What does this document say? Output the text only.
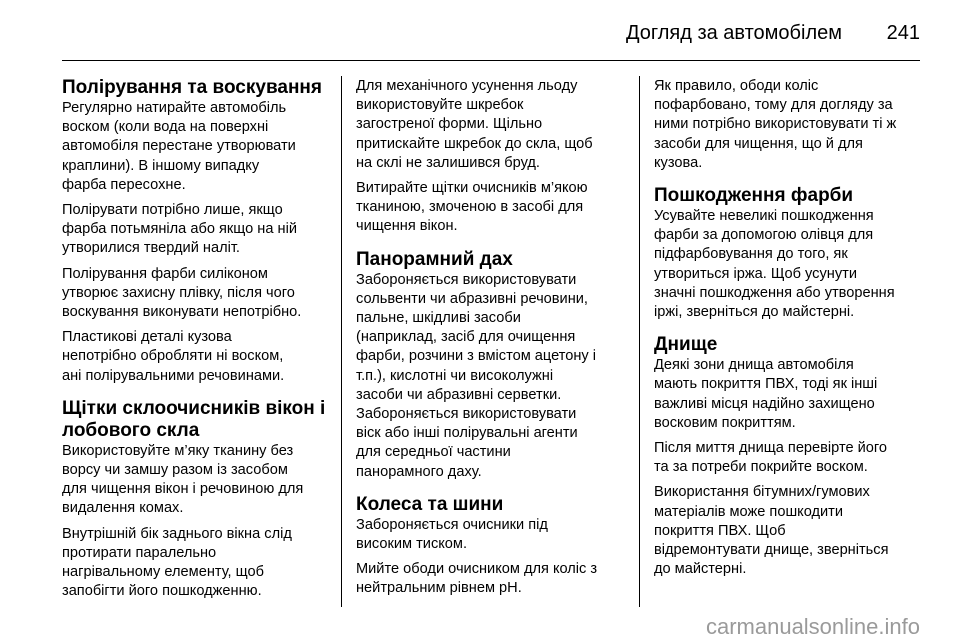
Догляд за автомобілем 241
Полірування та воскування

Регулярно натирайте автомобіль
воском (коли вода на поверхні
автомобіля перестане утворювати
краплини). В іншому випадку
фарба пересохне.

Полірувати потрібно лише, якщо
фарба потьмяніла або якщо на ній
утворилися твердий наліт.

Полірування фарби силіконом
утворює захисну плівку, після чого
воскування виконувати непотрібно.

Пластикові деталі кузова
непотрібно обробляти ні воском,
ані полірувальними речовинами.

Щітки склоочисників вікон і лобового скла

Використовуйте м’яку тканину без
ворсу чи замшу разом із засобом
для чищення вікон і речовиною для
видалення комах.

Внутрішній бік заднього вікна слід
протирати паралельно
нагрівальному елементу, щоб
запобігти його пошкодженню.

Для механічного усунення льоду
використовуйте шкребок
загостреної форми. Щільно
притискайте шкребок до скла, щоб
на склі не залишився бруд.

Витирайте щітки очисників м’якою
тканиною, змоченою в засобі для
чищення вікон.

Панорамний дах

Забороняється використовувати
сольвенти чи абразивні речовини,
пальне, шкідливі засоби
(наприклад, засіб для очищення
фарби, розчини з вмістом ацетону і
т.п.), кислотні чи високолужні
засоби чи абразивні серветки.
Забороняється використовувати
віск або інші полірувальні агенти
для середньої частини
панорамного даху.

Колеса та шини

Забороняється очисники під
високим тиском.

Мийте ободи очисником для коліс з
нейтральним рівнем pH.

Як правило, ободи коліс
пофарбовано, тому для догляду за
ними потрібно використовувати ті ж
засоби для чищення, що й для
кузова.

Пошкодження фарби

Усувайте невеликі пошкодження
фарби за допомогою олівця для
підфарбовування до того, як
утвориться іржа. Щоб усунути
значні пошкодження або утворення
іржі, зверніться до майстерні.

Днище

Деякі зони днища автомобіля
мають покриття ПВХ, тоді як інші
важливі місця надійно захищено
восковим покриттям.

Після миття днища перевірте його
та за потреби покрийте воском.

Використання бітумних/гумових
матеріалів може пошкодити
покриття ПВХ. Щоб
відремонтувати днище, зверніться
до майстерні.

carmanualsonline.info
